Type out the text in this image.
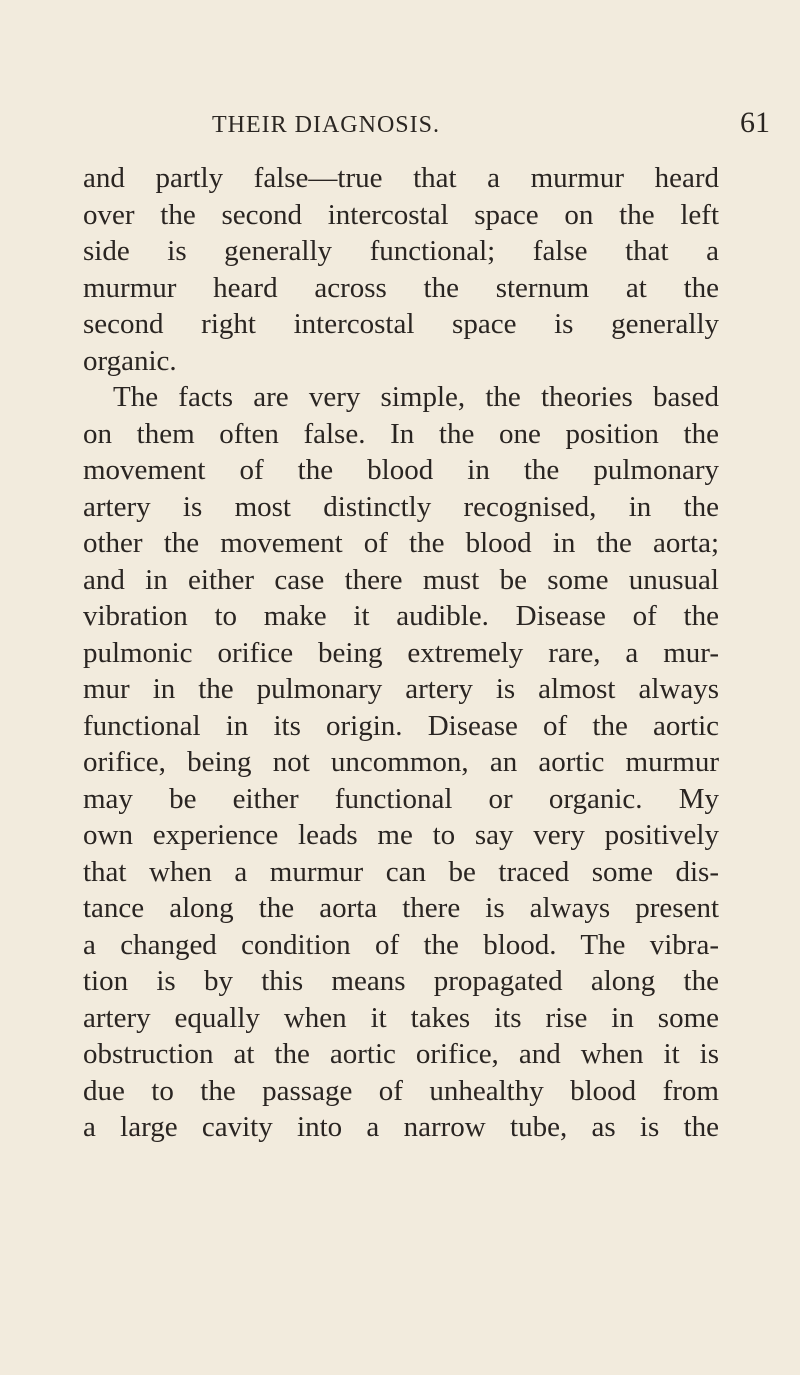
THEIR DIAGNOSIS.	61
and partly false—true that a murmur heard
over the second intercostal space on the left
side is generally functional; false that a
murmur heard across the sternum at the
second right intercostal space is generally
organic.
The facts are very simple, the theories based
on them often false. In the one position the
movement of the blood in the pulmonary
artery is most distinctly recognised, in the
other the movement of the blood in the aorta;
and in either case there must be some unusual
vibration to make it audible. Disease of the
pulmonic orifice being extremely rare, a mur-
mur in the pulmonary artery is almost always
functional in its origin. Disease of the aortic
orifice, being not uncommon, an aortic murmur
may be either functional or organic. My
own experience leads me to say very positively
that when a murmur can be traced some dis-
tance along the aorta there is always present
a changed condition of the blood. The vibra-
tion is by this means propagated along the
artery equally when it takes its rise in some
obstruction at the aortic orifice, and when it is
due to the passage of unhealthy blood from
a large cavity into a narrow tube, as is the
